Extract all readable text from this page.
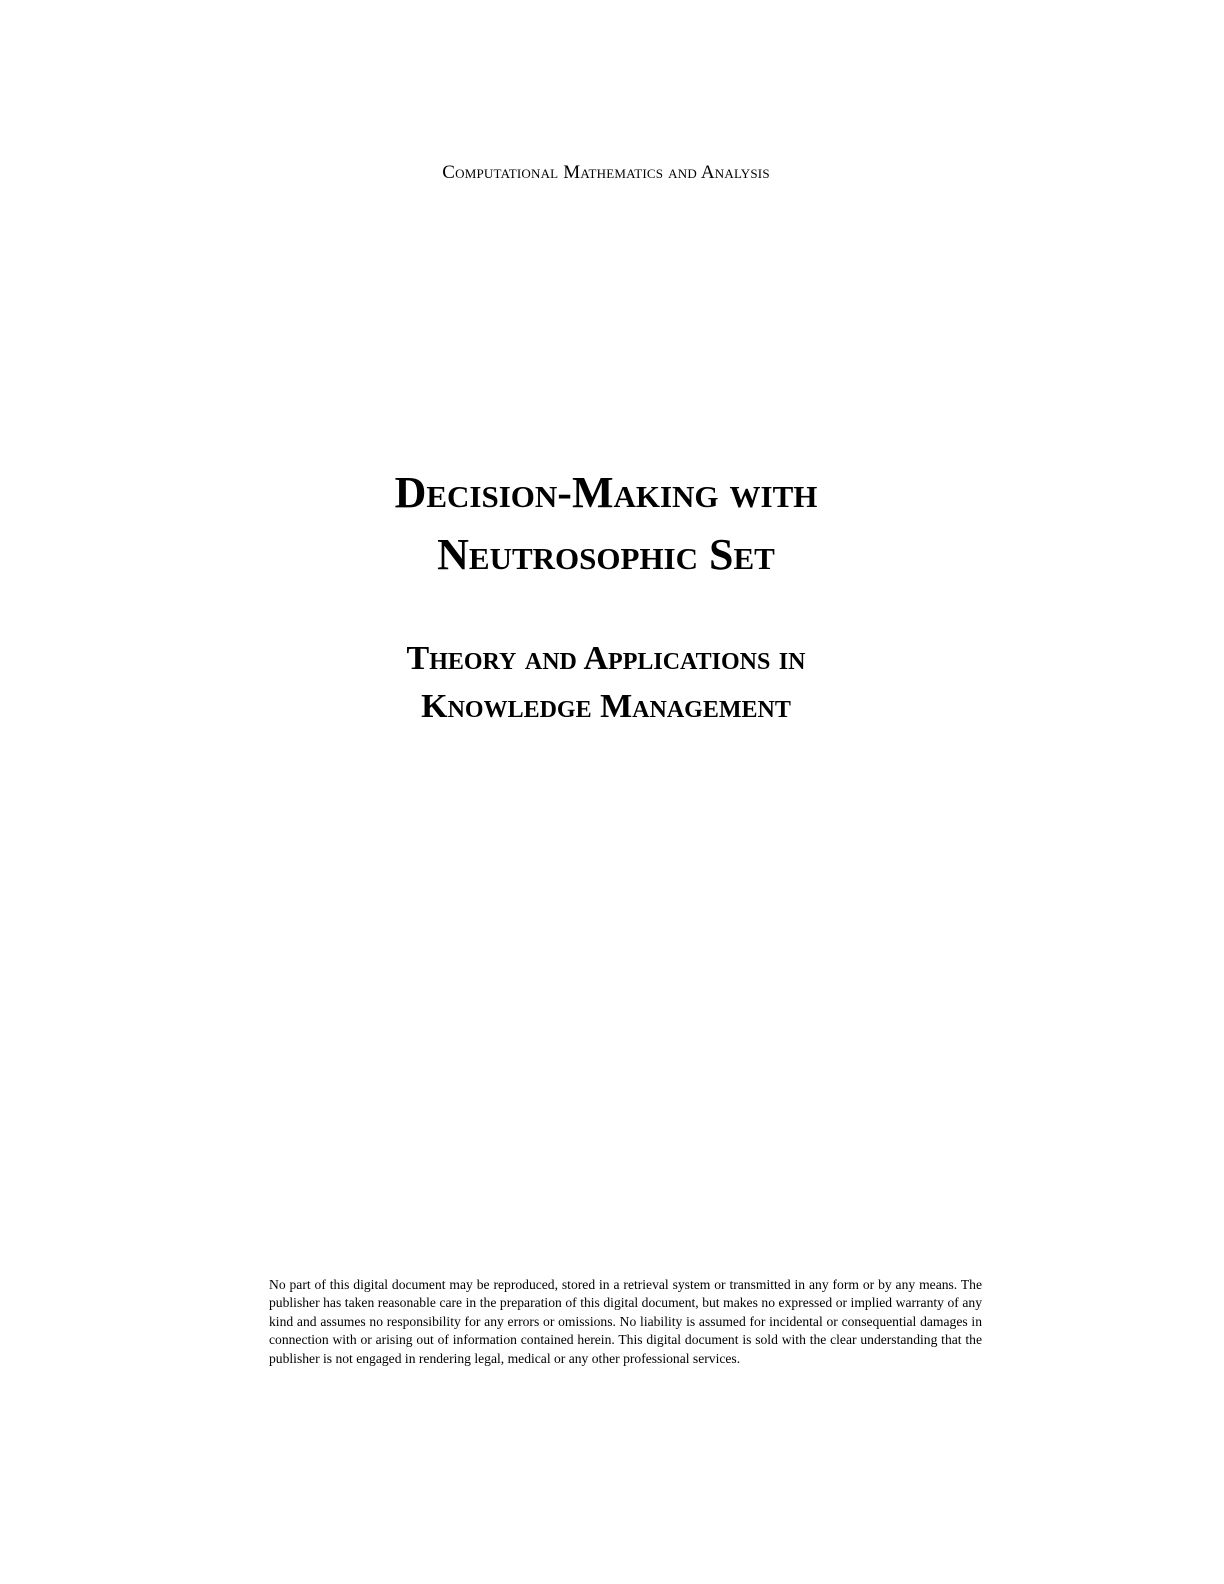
Computational Mathematics and Analysis
Decision-Making with
Neutrosophic Set
Theory and Applications in
Knowledge Management

No part of this digital document may be reproduced, stored in a retrieval system or transmitted in any form or by any means. The publisher has taken reasonable care in the preparation of this digital document, but makes no expressed or implied warranty of any kind and assumes no responsibility for any errors or omissions. No liability is assumed for incidental or consequential damages in connection with or arising out of information contained herein. This digital document is sold with the clear understanding that the publisher is not engaged in rendering legal, medical or any other professional services.
